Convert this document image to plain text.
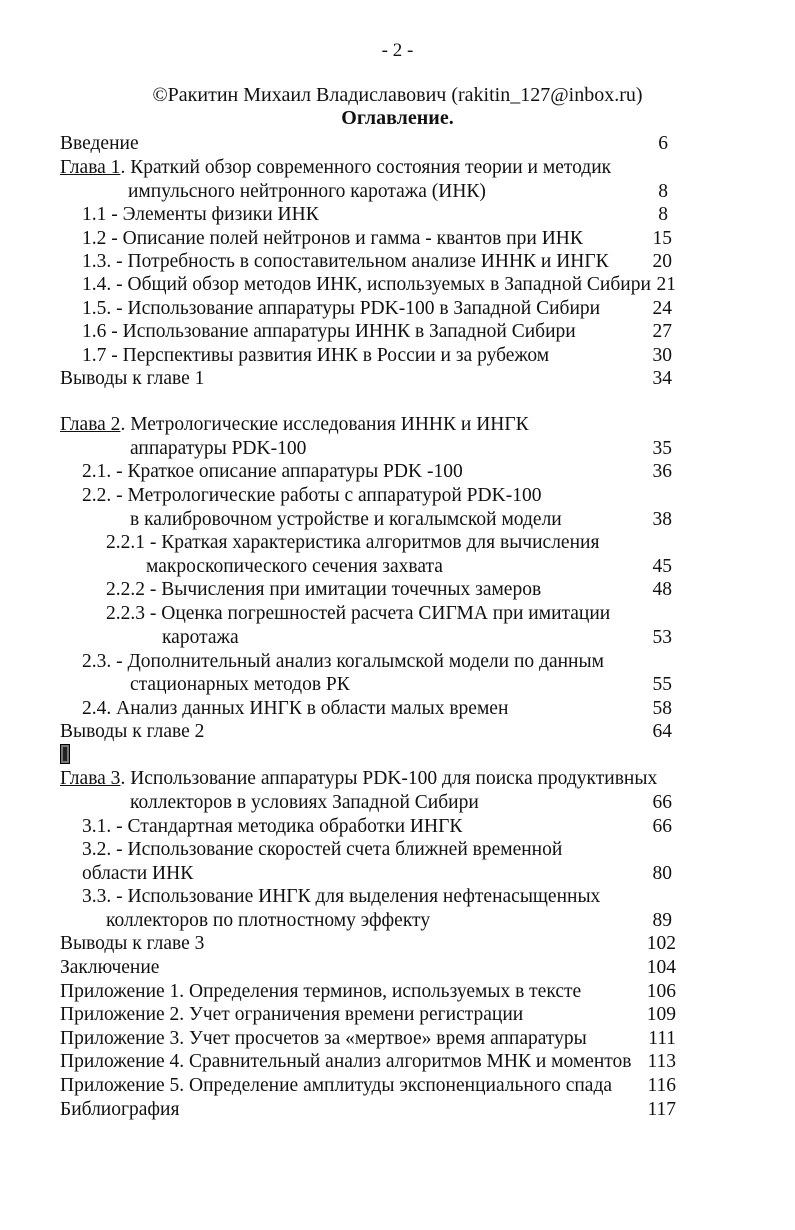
- 2 -
©Ракитин Михаил Владиславович (rakitin_127@inbox.ru)
Оглавление.
Введение	6
Глава 1. Краткий обзор современного состояния теории и методик
импульсного нейтронного каротажа (ИНК)	8
1.1 - Элементы физики ИНК	8
1.2 - Описание полей нейтронов и гамма - квантов при ИНК	15
1.3. - Потребность в сопоставительном анализе ИННК и ИНГК	20
1.4. - Общий обзор методов ИНК, используемых в Западной Сибири 21
1.5. - Использование аппаратуры PDK-100 в Западной Сибири	24
1.6 - Использование аппаратуры ИННК в Западной Сибири	27
1.7 - Перспективы развития ИНК в России и за рубежом	30
Выводы к главе 1	34
Глава 2. Метрологические исследования ИННК и ИНГК
аппаратуры PDK-100	35
2.1. - Краткое описание аппаратуры PDK -100	36
2.2. - Метрологические работы с аппаратурой PDK-100
в калибровочном устройстве и когалымской модели	38
2.2.1 - Краткая характеристика алгоритмов для вычисления
макроскопического сечения захвата	45
2.2.2 - Вычисления при имитации точечных замеров	48
2.2.3 - Оценка погрешностей расчета СИГМА при имитации
каротажа	53
2.3. - Дополнительный анализ когалымской модели по данным
стационарных методов РК	55
2.4. Анализ данных ИНГК в области малых времен	58
Выводы к главе 2	64
Глава 3. Использование аппаратуры PDK-100 для поиска продуктивных
коллекторов в условиях Западной Сибири	66
3.1. - Стандартная методика обработки ИНГК	66
3.2. - Использование скоростей счета ближней временной
области ИНК	80
3.3. - Использование ИНГК для выделения нефтенасыщенных
коллекторов по плотностному эффекту	89
Выводы к главе 3	102
Заключение	104
Приложение 1. Определения терминов, используемых в тексте	106
Приложение 2. Учет ограничения времени регистрации	109
Приложение 3. Учет просчетов за «мертвое» время аппаратуры	111
Приложение 4. Сравнительный анализ алгоритмов МНК и моментов 113
Приложение 5. Определение амплитуды экспоненциального спада	116
Библиография	117
